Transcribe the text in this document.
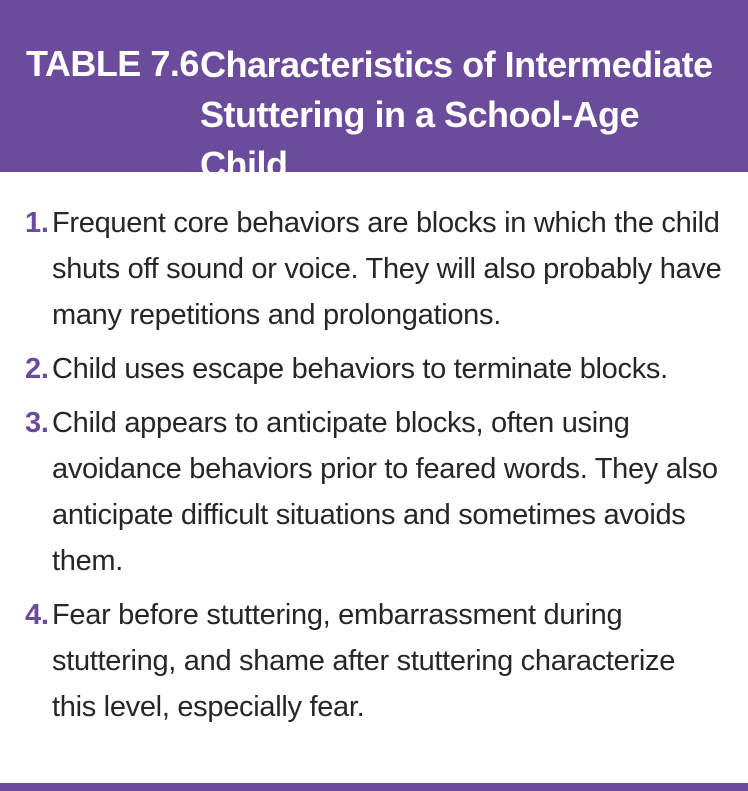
TABLE 7.6 Characteristics of Intermediate Stuttering in a School-Age Child
1. Frequent core behaviors are blocks in which the child shuts off sound or voice. They will also probably have many repetitions and prolongations.
2. Child uses escape behaviors to terminate blocks.
3. Child appears to anticipate blocks, often using avoidance behaviors prior to feared words. They also anticipate difficult situations and sometimes avoids them.
4. Fear before stuttering, embarrassment during stuttering, and shame after stuttering characterize this level, especially fear.
